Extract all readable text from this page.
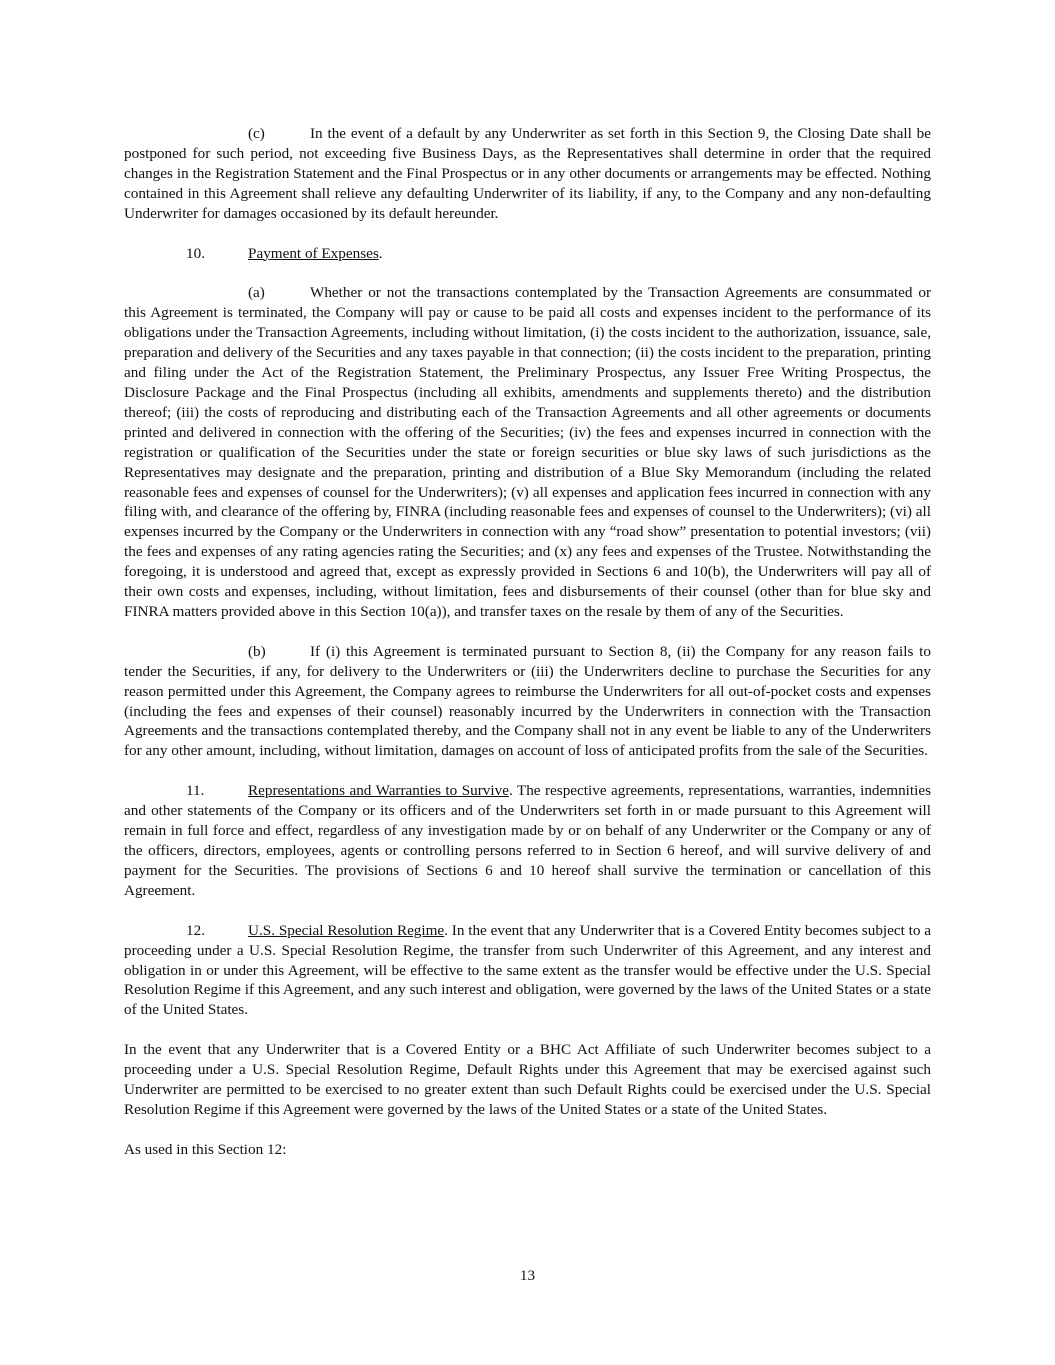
(c)	In the event of a default by any Underwriter as set forth in this Section 9, the Closing Date shall be postponed for such period, not exceeding five Business Days, as the Representatives shall determine in order that the required changes in the Registration Statement and the Final Prospectus or in any other documents or arrangements may be effected. Nothing contained in this Agreement shall relieve any defaulting Underwriter of its liability, if any, to the Company and any non-defaulting Underwriter for damages occasioned by its default hereunder.

10.	Payment of Expenses.

(a)	Whether or not the transactions contemplated by the Transaction Agreements are consummated or this Agreement is terminated, the Company will pay or cause to be paid all costs and expenses incident to the performance of its obligations under the Transaction Agreements, including without limitation, (i) the costs incident to the authorization, issuance, sale, preparation and delivery of the Securities and any taxes payable in that connection; (ii) the costs incident to the preparation, printing and filing under the Act of the Registration Statement, the Preliminary Prospectus, any Issuer Free Writing Prospectus, the Disclosure Package and the Final Prospectus (including all exhibits, amendments and supplements thereto) and the distribution thereof; (iii) the costs of reproducing and distributing each of the Transaction Agreements and all other agreements or documents printed and delivered in connection with the offering of the Securities; (iv) the fees and expenses incurred in connection with the registration or qualification of the Securities under the state or foreign securities or blue sky laws of such jurisdictions as the Representatives may designate and the preparation, printing and distribution of a Blue Sky Memorandum (including the related reasonable fees and expenses of counsel for the Underwriters); (v) all expenses and application fees incurred in connection with any filing with, and clearance of the offering by, FINRA (including reasonable fees and expenses of counsel to the Underwriters); (vi) all expenses incurred by the Company or the Underwriters in connection with any “road show” presentation to potential investors; (vii) the fees and expenses of any rating agencies rating the Securities; and (x) any fees and expenses of the Trustee. Notwithstanding the foregoing, it is understood and agreed that, except as expressly provided in Sections 6 and 10(b), the Underwriters will pay all of their own costs and expenses, including, without limitation, fees and disbursements of their counsel (other than for blue sky and FINRA matters provided above in this Section 10(a)), and transfer taxes on the resale by them of any of the Securities.

(b)	If (i) this Agreement is terminated pursuant to Section 8, (ii) the Company for any reason fails to tender the Securities, if any, for delivery to the Underwriters or (iii) the Underwriters decline to purchase the Securities for any reason permitted under this Agreement, the Company agrees to reimburse the Underwriters for all out-of-pocket costs and expenses (including the fees and expenses of their counsel) reasonably incurred by the Underwriters in connection with the Transaction Agreements and the transactions contemplated thereby, and the Company shall not in any event be liable to any of the Underwriters for any other amount, including, without limitation, damages on account of loss of anticipated profits from the sale of the Securities.

11.	Representations and Warranties to Survive. The respective agreements, representations, warranties, indemnities and other statements of the Company or its officers and of the Underwriters set forth in or made pursuant to this Agreement will remain in full force and effect, regardless of any investigation made by or on behalf of any Underwriter or the Company or any of the officers, directors, employees, agents or controlling persons referred to in Section 6 hereof, and will survive delivery of and payment for the Securities. The provisions of Sections 6 and 10 hereof shall survive the termination or cancellation of this Agreement.

12.	U.S. Special Resolution Regime. In the event that any Underwriter that is a Covered Entity becomes subject to a proceeding under a U.S. Special Resolution Regime, the transfer from such Underwriter of this Agreement, and any interest and obligation in or under this Agreement, will be effective to the same extent as the transfer would be effective under the U.S. Special Resolution Regime if this Agreement, and any such interest and obligation, were governed by the laws of the United States or a state of the United States.

In the event that any Underwriter that is a Covered Entity or a BHC Act Affiliate of such Underwriter becomes subject to a proceeding under a U.S. Special Resolution Regime, Default Rights under this Agreement that may be exercised against such Underwriter are permitted to be exercised to no greater extent than such Default Rights could be exercised under the U.S. Special Resolution Regime if this Agreement were governed by the laws of the United States or a state of the United States.

As used in this Section 12:

13
